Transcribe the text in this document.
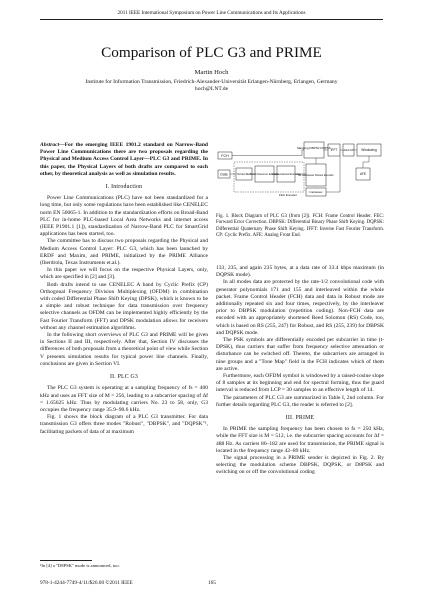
2011 IEEE International Symposium on Power Line Communications and Its Applications
Comparison of PLC G3 and PRIME
Martin Hoch
Institute for Information Transmission, Friedrich-Alexander-Universität Erlangen-Nürnberg, Erlangen, Germany
hoch@LNT.de

Abstract—For the emerging IEEE 1901.2 standard on Narrow-Band Power Line Communications there are two proposals regarding the Physical and Medium Access Control Layer—PLC G3 and PRIME. In this paper, the Physical Layers of both drafts are compared to each other, by theoretical analysis as well as simulation results.

I. Introduction

Power Line Communications (PLC) have not been standardized for a long time, but only some regulations have been established like CENELEC norm EN 50065-1. In addition to the standardization efforts on Broad-Band PLC for in-home PLC-based Local Area Networks and internet access (IEEE P1901.1 [1]), standardization of Narrow-Band PLC for SmartGrid applications has been started, too.

The committee has to discuss two proposals regarding the Physical and Medium Access Control Layer: PLC G3, which has been launched by ERDF and Maxim, and PRIME, initialized by the PRIME Alliance (Iberdrola, Texas Instruments et.al.).

In this paper we will focus on the respective Physical Layers, only, which are specified in [2] and [3].

Both drafts intend to use CENELEC A band by Cyclic Prefix (CP) Orthogonal Frequency Division Multiplexing (OFDM) in combination with coded Differential Phase Shift Keying (DPSK), which is known to be a simple and robust technique for data transmission over frequency selective channels as OFDM can be implemented highly efficiently by the Fast Fourier Transform (FFT) and DPSK modulation allows for receivers without any channel estimation algorithms.

In the following short overviews of PLC G3 and PRIME will be given in Sections II and III, respectively. After that, Section IV discusses the differences of both proposals from a theoretical point of view while Section V presents simulation results for typical power line channels. Finally, conclusions are given in Section VI.

II. PLC G3

The PLC G3 system is operating at a sampling frequency of fs = 400 kHz and uses an FFT size of M = 256, leading to a subcarrier spacing of Δf = 1.65625 kHz. Thus by modulating carriers No. 23 to 58, only, G3 occupies the frequency range 35.9–90.6 kHz.

Fig. 1 shows the block diagram of a PLC G3 transmitter. For data transmission G3 offers three modes "Robust", "DBPSK", and "DQPSK"¹, facilitating packets of data of at maximum

¹In [4] a "D8PSK" mode is announced, too.
FCH
Mapping DBPSK DQPSK IFFT Add CP Windowing
FEC Encoder
Data	Scrambler
Reed-Solomon Encoder
Convo-lutional Encoder
Bit Interleaver Robust Encoder
Interleaver
AFE
Fig. 1. Block Diagram of PLC G3 (from [2]). FCH: Frame Control Header. FEC: Forward Error Correction. DBPSK: Differential Binary Phase Shift Keying. DQPSK: Differential Quaternary Phase Shift Keying. IFFT: Inverse Fast Fourier Transform. CP: Cyclic Prefix. AFE: Analog Front End.

133, 235, and again 235 bytes, at a data rate of 33.4 kbps maximum (in DQPSK mode).

In all modes data are protected by the rate-1/2 convolutional code with generator polynomials 171 and 155 and interleaved within the whole packet. Frame Control Header (FCH) data and data in Robust mode are additionally repeated six and four times, respectively, by the interleaver prior to DBPSK modulation (repetition coding). Non-FCH data are encoded with an appropriately shortened Reed Solomon (RS) Code, too, which is based on RS (255, 247) for Robust, and RS (255, 239) for DBPSK and DQPSK mode.

The PSK symbols are differentially encoded per subcarrier in time (t-DPSK), thus carriers that suffer from frequency selective attenuation or disturbance can be switched off. Thereto, the subcarriers are arranged in nine groups and a "Tone Map" field in the FCH indicates which of them are active.

Furthermore, each OFDM symbol is windowed by a raised-cosine slope of 8 samples at its beginning and end for spectral forming, thus the guard interval is reduced from LCP = 30 samples to an effective length of 14.

The parameters of PLC G3 are summarized in Table I, 2nd column. For further details regarding PLC G3, the reader is referred to [2].

III. PRIME

In PRIME the sampling frequency has been chosen to fs = 250 kHz, while the FFT size is M = 512, i.e. the subcarrier spacing accounts for Δf = 488 Hz. As carriers 86–182 are used for transmission, the PRIME signal is located in the frequency range 42–89 kHz.

The signal processing in a PRIME sender is depicted in Fig. 2. By selecting the modulation scheme DBPSK, DQPSK, or D8PSK and switching on or off the convolutional coding

978-1-4244-7749-4/11/$26.00 ©2011 IEEE	165
